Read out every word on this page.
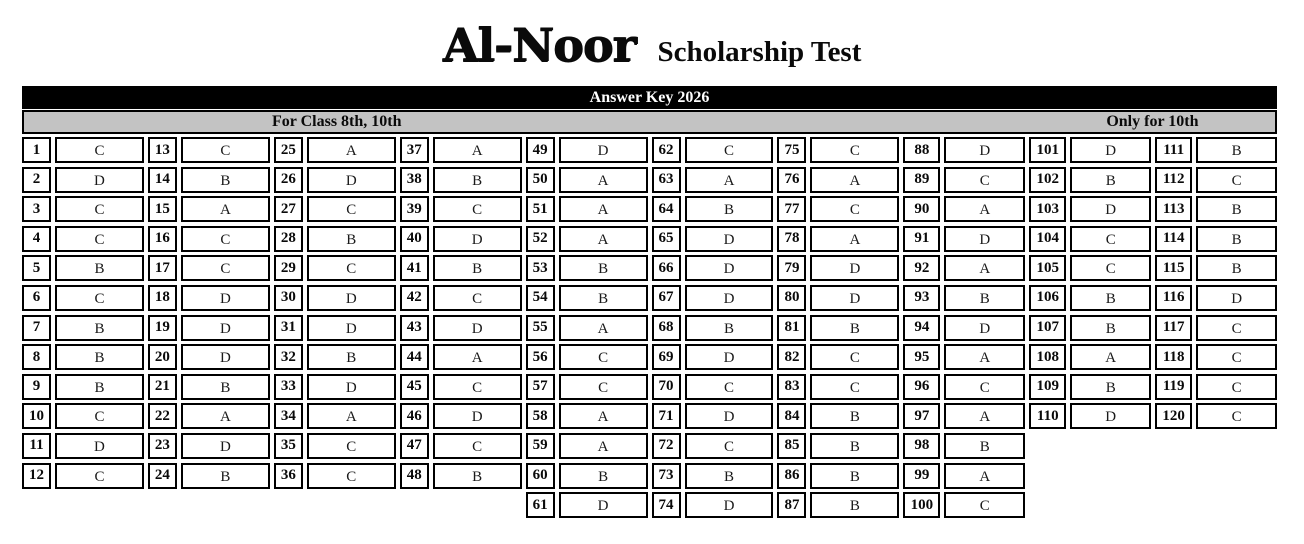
Al-Noor Scholarship Test
Answer Key 2026
For Class 8th, 10th	Only for 10th
1	C
2	D
3	C
4	C
5	B
6	C
7	B
8	B
9	B
10	C
11	D
12	C
13	C
14	B
15	A
16	C
17	C
18	D
19	D
20	D
21	B
22	A
23	D
24	B
25	A
26	D
27	C
28	B
29	C
30	D
31	D
32	B
33	D
34	A
35	C
36	C
37	A
38	B
39	C
40	D
41	B
42	C
43	D
44	A
45	C
46	D
47	C
48	B
49	D
50	A
51	A
52	A
53	B
54	B
55	A
56	C
57	C
58	A
59	A
60	B
61	D
62	C
63	A
64	B
65	D
66	D
67	D
68	B
69	D
70	C
71	D
72	C
73	B
74	D
75	C
76	A
77	C
78	A
79	D
80	D
81	B
82	C
83	C
84	B
85	B
86	B
87	B
88	D
89	C
90	A
91	D
92	A
93	B
94	D
95	A
96	C
97	A
98	B
99	A
100	C
101	D
102	B
103	D
104	C
105	C
106	B
107	B
108	A
109	B
110	D
111	B
112	C
113	B
114	B
115	B
116	D
117	C
118	C
119	C
120	C
